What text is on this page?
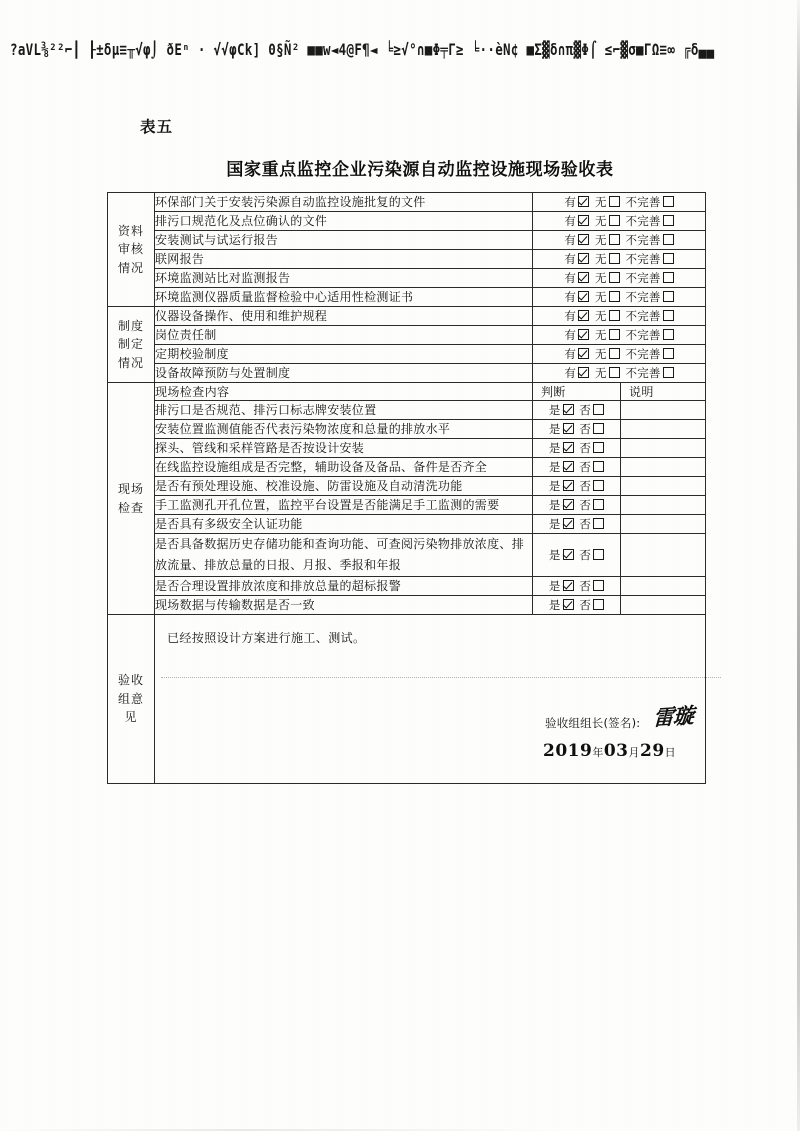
?aVL⅜²²⌐┃ ┠±δµ≡╥√φ⌡ ðEⁿ · √√φCk] 0§Ñ² ■■w◄4@F¶◄ ╘≥√°∩■Φ╤Γ≥ ╘··èN¢ ■Σ▓δ∩π▓Φ⌠ ≤⌐▓σ■ΓΩ≡∞ ╔δ▄▄
表五
国家重点监控企业污染源自动监控设施现场验收表
资料
审核
情况	环保部门关于安装污染源自动监控设施批复的文件	有 无 不完善	
	排污口规范化及点位确认的文件	有 无 不完善	
	安装测试与试运行报告	有 无 不完善	
	联网报告	有 无 不完善	
	环境监测站比对监测报告	有 无 不完善	
	环境监测仪器质量监督检验中心适用性检测证书	有 无 不完善	

制度
制定
情况	仪器设备操作、使用和维护规程	有 无 不完善	
	岗位责任制	有 无 不完善	
	定期校验制度	有 无 不完善	
	设备故障预防与处置制度	有 无 不完善	

现场
检查	现场检查内容	判断	说明
	排污口是否规范、排污口标志牌安装位置	是 否	
	安装位置监测值能否代表污染物浓度和总量的排放水平	是 否	
	探头、管线和采样管路是否按设计安装	是 否	
	在线监控设施组成是否完整，辅助设备及备品、备件是否齐全	是 否	
	是否有预处理设施、校准设施、防雷设施及自动清洗功能	是 否	
	手工监测孔开孔位置，监控平台设置是否能满足手工监测的需要	是 否	
	是否具有多级安全认证功能	是 否	
	是否具备数据历史存储功能和查询功能、可查阅污染物排放浓度、排放流量、排放总量的日报、月报、季报和年报	是 否	
	是否合理设置排放浓度和排放总量的超标报警	是 否	
	现场数据与传输数据是否一致	是 否	

验收
组意
见

已经按照设计方案进行施工、测试。
验收组组长(签名): 雷璇
2019年03月29日
